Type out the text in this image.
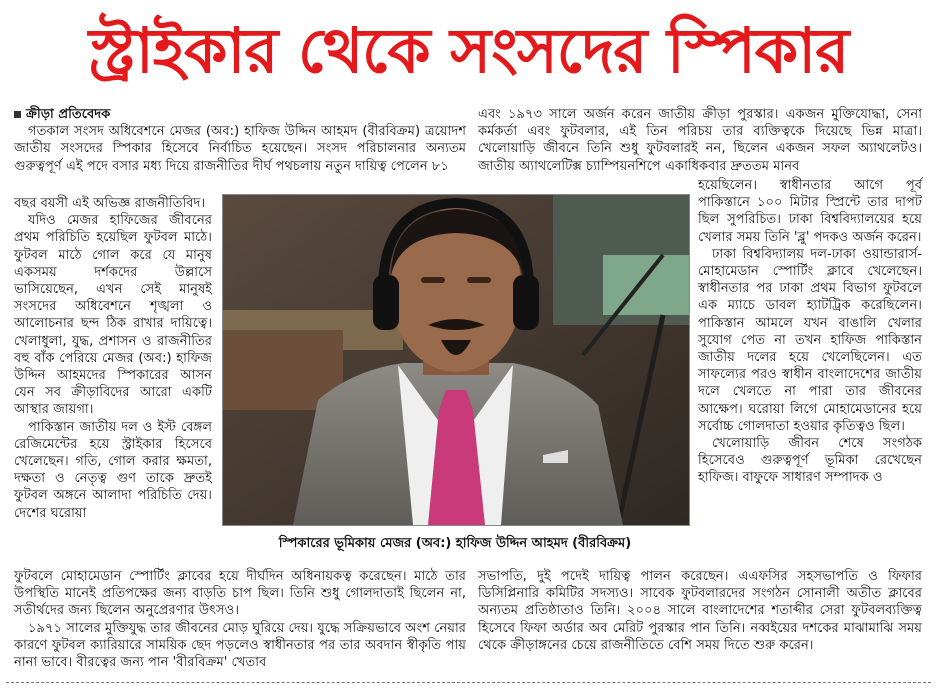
স্ট্রাইকার থেকে সংসদের স্পিকার

ক্রীড়া প্রতিবেদক

গতকাল সংসদ অধিবেশনে মেজর (অব:) হাফিজ উদ্দিন আহমদ (বীরবিক্রম) ত্রয়োদশ জাতীয় সংসদের স্পিকার হিসেবে নির্বাচিত হয়েছেন। সংসদ পরিচালনার অন্যতম গুরুত্বপূর্ণ এই পদে বসার মধ্য দিয়ে রাজনীতির দীর্ঘ পথচলায় নতুন দায়িত্ব পেলেন ৮১

বছর বয়সী এই অভিজ্ঞ রাজনীতিবিদ।

যদিও মেজর হাফিজের জীবনের প্রথম পরিচিতি হয়েছিল ফুটবল মাঠে। ফুটবল মাঠে গোল করে যে মানুষ একসময় দর্শকদের উল্লাসে ভাসিয়েছেন, এখন সেই মানুষই সংসদের অধিবেশনে শৃঙ্খলা ও আলোচনার ছন্দ ঠিক রাখার দায়িত্বে। খেলাধুলা, যুদ্ধ, প্রশাসন ও রাজনীতির বহু বাঁক পেরিয়ে মেজর (অব:) হাফিজ উদ্দিন আহমদের স্পিকারের আসন যেন সব ক্রীড়াবিদের আরো একটি আস্থার জায়গা।

পাকিস্তান জাতীয় দল ও ইস্ট বেঙ্গল রেজিমেন্টের হয়ে স্ট্রাইকার হিসেবে খেলেছেন। গতি, গোল করার ক্ষমতা, দক্ষতা ও নেতৃত্ব গুণ তাকে দ্রুতই ফুটবল অঙ্গনে আলাদা পরিচিতি দেয়। দেশের ঘরোয়া

ফুটবলে মোহামেডান স্পোর্টিং ক্লাবের হয়ে দীর্ঘদিন অধিনায়কত্ব করেছেন। মাঠে তার উপস্থিতি মানেই প্রতিপক্ষের জন্য বাড়তি চাপ ছিল। তিনি শুধু গোলদাতাই ছিলেন না, সতীর্থদের জন্য ছিলেন অনুপ্রেরণার উৎসও।

১৯৭১ সালের মুক্তিযুদ্ধ তার জীবনের মোড় ঘুরিয়ে দেয়। যুদ্ধে সক্রিয়ভাবে অংশ নেয়ার কারণে ফুটবল ক্যারিয়ারে সাময়িক ছেদ পড়লেও স্বাধীনতার পর তার অবদান স্বীকৃতি পায় নানা ভাবে। বীরত্বের জন্য পান 'বীরবিক্রম' খেতাব

এবং ১৯৭৩ সালে অর্জন করেন জাতীয় ক্রীড়া পুরস্কার। একজন মুক্তিযোদ্ধা, সেনা কর্মকর্তা এবং ফুটবলার, এই তিন পরিচয় তার ব্যক্তিত্বকে দিয়েছে ভিন্ন মাত্রা। খেলোয়াড়ি জীবনে তিনি শুধু ফুটবলারই নন, ছিলেন একজন সফল অ্যাথলেটও। জাতীয় অ্যাথলেটিক্স চ্যাম্পিয়নশিপে একাধিকবার দ্রুততম মানব

হয়েছিলেন। স্বাধীনতার আগে পূর্ব পাকিস্তানে ১০০ মিটার স্প্রিন্টে তার দাপট ছিল সুপরিচিত। ঢাকা বিশ্ববিদ্যালয়ের হয়ে খেলার সময় তিনি 'ব্লু' পদকও অর্জন করেন।

ঢাকা বিশ্ববিদ্যালয় দল-ঢাকা ওয়ান্ডারার্স-মোহামেডান স্পোর্টিং ক্লাবে খেলেছেন। স্বাধীনতার পর ঢাকা প্রথম বিভাগ ফুটবলে এক ম্যাচে ডাবল হ্যাটট্রিক করেছিলেন। পাকিস্তান আমলে যখন বাঙালি খেলার সুযোগ পেত না তখন হাফিজ পাকিস্তান জাতীয় দলের হয়ে খেলেছিলেন। এত সাফল্যের পরও স্বাধীন বাংলাদেশের জাতীয় দলে খেলতে না পারা তার জীবনের আক্ষেপ। ঘরোয়া লিগে মোহামেডানের হয়ে সর্বোচ্চ গোলদাতা হওয়ার কৃতিত্বও ছিল।

খেলোয়াড়ি জীবন শেষে সংগঠক হিসেবেও গুরুত্বপূর্ণ ভূমিকা রেখেছেন হাফিজ। বাফুফে সাধারণ সম্পাদক ও

সভাপতি, দুই পদেই দায়িত্ব পালন করেছেন। এএফসির সহসভাপতি ও ফিফার ডিসিপ্লিনারি কমিটির সদস্যও। সাবেক ফুটবলারদের সংগঠন সোনালী অতীত ক্লাবের অন্যতম প্রতিষ্ঠাতাও তিনি। ২০০৪ সালে বাংলাদেশের শতাব্দীর সেরা ফুটবলব্যক্তিত্ব হিসেবে ফিফা অর্ডার অব মেরিট পুরস্কার পান তিনি। নব্বইয়ের দশকের মাঝামাঝি সময় থেকে ক্রীড়াঙ্গনের চেয়ে রাজনীতিতে বেশি সময় দিতে শুরু করেন।

স্পিকারের ভূমিকায় মেজর (অব:) হাফিজ উদ্দিন আহমদ (বীরবিক্রম)
